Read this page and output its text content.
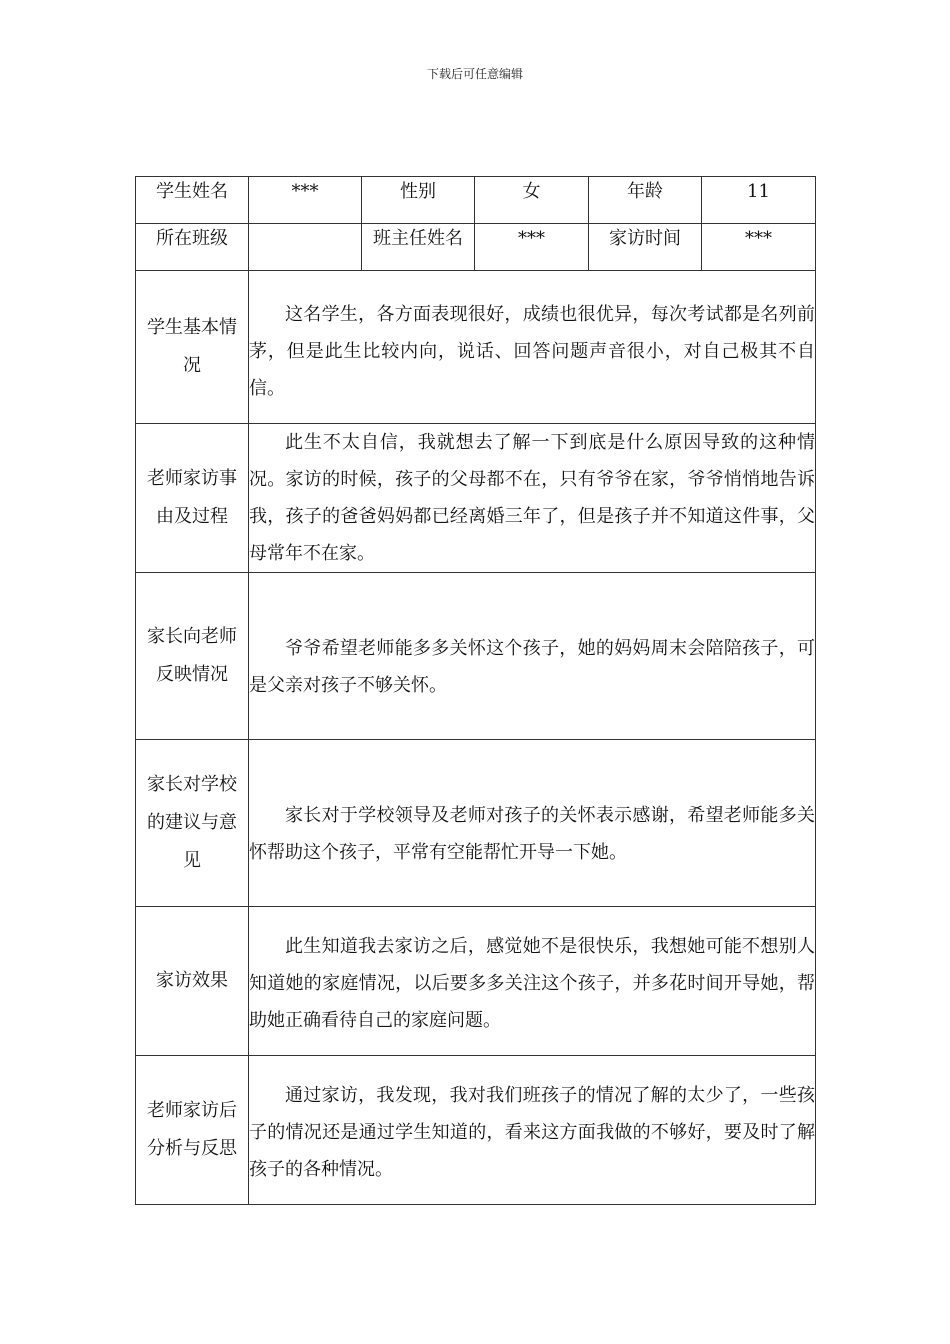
下载后可任意编辑
学生姓名	***	性别	女	年龄	11
所在班级		班主任姓名	***	家访时间	***
学生基本情况	这名学生，各方面表现很好，成绩也很优异，每次考试都是名列前茅，但是此生比较内向，说话、回答问题声音很小，对自己极其不自信。				

老师家访事由及过程	此生不太自信，我就想去了解一下到底是什么原因导致的这种情况。家访的时候，孩子的父母都不在，只有爷爷在家，爷爷悄悄地告诉我，孩子的爸爸妈妈都已经离婚三年了，但是孩子并不知道这件事，父母常年不在家。				

家长向老师反映情况	爷爷希望老师能多多关怀这个孩子，她的妈妈周末会陪陪孩子，可是父亲对孩子不够关怀。				

家长对学校的建议与意见	家长对于学校领导及老师对孩子的关怀表示感谢，希望老师能多关怀帮助这个孩子，平常有空能帮忙开导一下她。				

家访效果	此生知道我去家访之后，感觉她不是很快乐，我想她可能不想别人知道她的家庭情况，以后要多多关注这个孩子，并多花时间开导她，帮助她正确看待自己的家庭问题。				

老师家访后分析与反思	通过家访，我发现，我对我们班孩子的情况了解的太少了，一些孩子的情况还是通过学生知道的，看来这方面我做的不够好，要及时了解孩子的各种情况。				
